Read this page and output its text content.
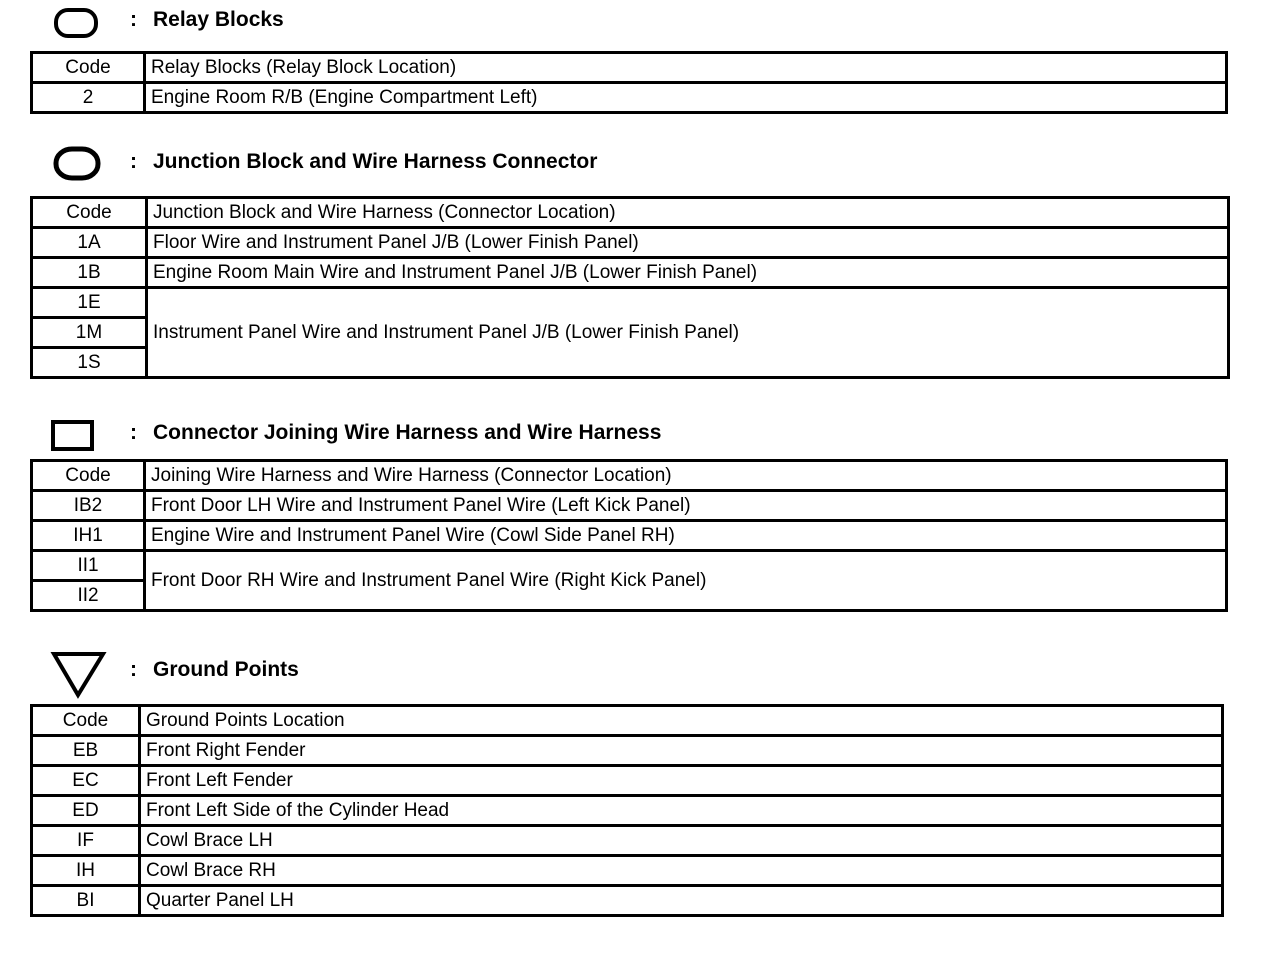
: Relay Blocks
Code	Relay Blocks (Relay Block Location)
2	Engine Room R/B (Engine Compartment Left)
: Junction Block and Wire Harness Connector
Code	Junction Block and Wire Harness (Connector Location)
1A	Floor Wire and Instrument Panel J/B (Lower Finish Panel)
1B	Engine Room Main Wire and Instrument Panel J/B (Lower Finish Panel)
1E	Instrument Panel Wire and Instrument Panel J/B (Lower Finish Panel)
1M	
1S	
: Connector Joining Wire Harness and Wire Harness
Code	Joining Wire Harness and Wire Harness (Connector Location)
IB2	Front Door LH Wire and Instrument Panel Wire (Left Kick Panel)
IH1	Engine Wire and Instrument Panel Wire (Cowl Side Panel RH)
II1	Front Door RH Wire and Instrument Panel Wire (Right Kick Panel)
II2	
: Ground Points
Code	Ground Points Location
EB	Front Right Fender
EC	Front Left Fender
ED	Front Left Side of the Cylinder Head
IF	Cowl Brace LH
IH	Cowl Brace RH
BI	Quarter Panel LH
